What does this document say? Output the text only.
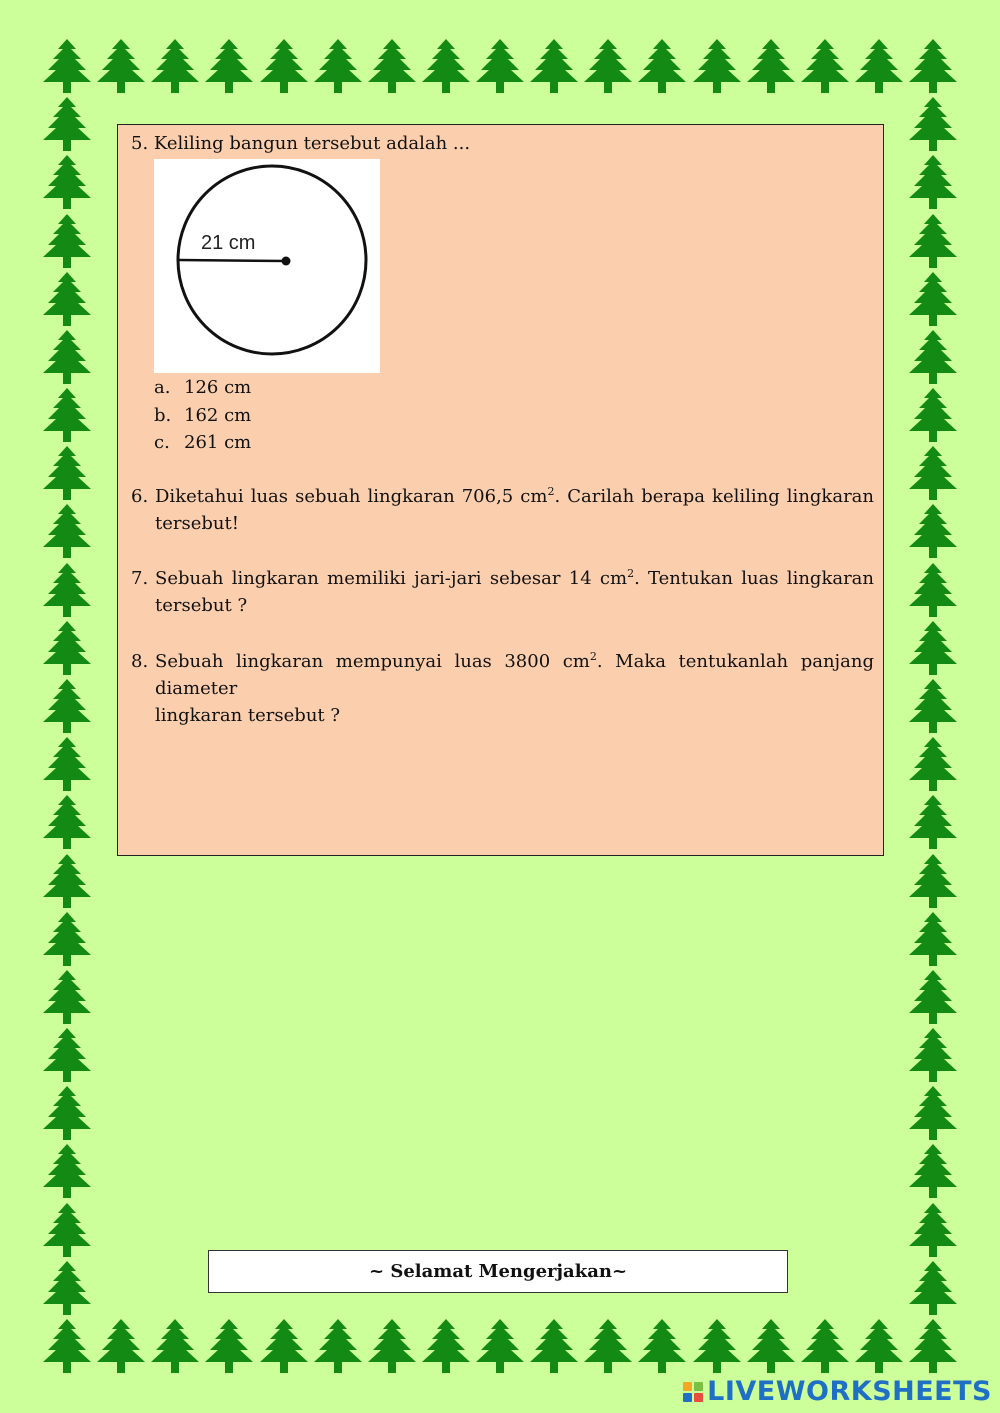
5. Keliling bangun tersebut adalah ...
21 cm
a. 126 cm
b. 162 cm
c. 261 cm
6. Diketahui luas sebuah lingkaran 706,5 $cm^2$. Carilah berapa keliling lingkaran
tersebut!
7. Sebuah lingkaran memiliki jari-jari sebesar 14 $cm^2$. Tentukan luas lingkaran
tersebut ?
8. Sebuah lingkaran mempunyai luas 3800 $cm^2$. Maka tentukanlah panjang diameter
lingkaran tersebut ?
~ Selamat Mengerjakan~
LIVEWORKSHEETS
